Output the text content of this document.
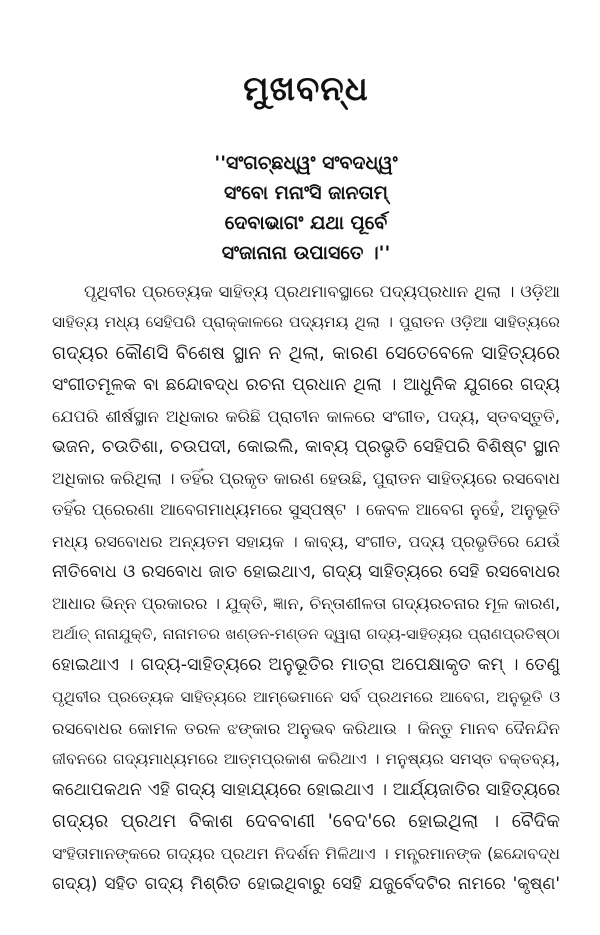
ମୁଖବନ୍ଧ
''ସଂଗଚ୍ଛଧ୍ୱଂ ସଂବଦଧ୍ୱଂ
ସଂବୋ ମନାଂସି ଜାନତାମ୍
ଦେବାଭାଗଂ ଯଥା ପୂର୍ବେ
ସଂଜାନାନା ଉପାସତେ ।''
ପୃଥିବୀର ପ୍ରତ୍ୟେକ ସାହିତ୍ୟ ପ୍ରଥମାବସ୍ଥାରେ ପଦ୍ୟପ୍ରଧାନ ଥିଲା । ଓଡ଼ିଆ
ସାହିତ୍ୟ ମଧ୍ୟ ସେହିପରି ପ୍ରାକ୍‌କାଳରେ ପଦ୍ୟମୟ ଥିଲା । ପୁରାତନ ଓଡ଼ିଆ ସାହିତ୍ୟରେ
ଗଦ୍ୟର କୌଣସି ବିଶେଷ ସ୍ଥାନ ନ ଥିଲା, କାରଣ ସେତେବେଳେ ସାହିତ୍ୟରେ
ସଂଗୀତମୂଳକ ବା ଛନ୍ଦୋବଦ୍ଧ ରଚନା ପ୍ରଧାନ ଥିଲା । ଆଧୁନିକ ଯୁଗରେ ଗଦ୍ୟ
ଯେପରି ଶୀର୍ଷସ୍ଥାନ ଅଧିକାର କରିଛି ପ୍ରାଚୀନ କାଳରେ ସଂଗୀତ, ପଦ୍ୟ, ସ୍ତବସ୍ତୁତି,
ଭଜନ, ଚଉତିଶା, ଚଉପଦୀ, କୋଇଲି, କାବ୍ୟ ପ୍ରଭୃତି ସେହିପରି ବିଶିଷ୍ଟ ସ୍ଥାନ
ଅଧିକାର କରିଥିଲା । ତହିଁର ପ୍ରକୃତ କାରଣ ହେଉଛି, ପୁରାତନ ସାହିତ୍ୟରେ ରସବୋଧ
ତହିଁର ପ୍ରେରଣା ଆବେଗମାଧ୍ୟମରେ ସୁସ୍ପଷ୍ଟ । କେବଳ ଆବେଗ ନୁହେଁ, ଅନୁଭୂତି
ମଧ୍ୟ ରସବୋଧର ଅନ୍ୟତମ ସହାୟକ । କାବ୍ୟ, ସଂଗୀତ, ପଦ୍ୟ ପ୍ରଭୃତିରେ ଯେଉଁ
ନୀତିବୋଧ ଓ ରସବୋଧ ଜାତ ହୋଇଥାଏ, ଗଦ୍ୟ ସାହିତ୍ୟରେ ସେହି ରସବୋଧର
ଆଧାର ଭିନ୍ନ ପ୍ରକାରର । ଯୁକ୍ତି, ଜ୍ଞାନ, ଚିନ୍ତାଶୀଳତା ଗଦ୍ୟରଚନାର ମୂଳ କାରଣ,
ଅର୍ଥାତ୍ ନାନାଯୁକ୍ତି, ନାନାମତର ଖଣ୍ଡନ-ମଣ୍ଡନ ଦ୍ୱାରା ଗଦ୍ୟ-ସାହିତ୍ୟର ପ୍ରାଣପ୍ରତିଷ୍ଠା
ହୋଇଥାଏ । ଗଦ୍ୟ-ସାହିତ୍ୟରେ ଅନୁଭୂତିର ମାତ୍ରା ଅପେକ୍ଷାକୃତ କମ୍ । ତେଣୁ
ପୃଥିବୀର ପ୍ରତ୍ୟେକ ସାହିତ୍ୟରେ ଆମ୍ଭେମାନେ ସର୍ବ ପ୍ରଥମରେ ଆବେଗ, ଅନୁଭୂତି ଓ
ରସବୋଧର କୋମଳ ତରଳ ଝଙ୍କାର ଅନୁଭବ କରିଥାଉ । କିନ୍ତୁ ମାନବ ଦୈନନ୍ଦିନ
ଜୀବନରେ ଗଦ୍ୟମାଧ୍ୟମରେ ଆତ୍ମପ୍ରକାଶ କରିଥାଏ । ମନୁଷ୍ୟର ସମସ୍ତ ବକ୍ତବ୍ୟ,
କଥୋପକଥନ ଏହି ଗଦ୍ୟ ସାହାଯ୍ୟରେ ହୋଇଥାଏ । ଆର୍ଯ୍ୟଜାତିର ସାହିତ୍ୟରେ
ଗଦ୍ୟର ପ୍ରଥମ ବିକାଶ ଦେବବାଣୀ 'ବେଦ'ରେ ହୋଇଥିଲା । ବୈଦିକ
ସଂହିତାମାନଙ୍କରେ ଗଦ୍ୟର ପ୍ରଥମ ନିଦର୍ଶନ ମିଳିଥାଏ । ମନ୍ତ୍ରମାନଙ୍କ (ଛନ୍ଦୋବଦ୍ଧ
ଗଦ୍ୟ) ସହିତ ଗଦ୍ୟ ମିଶ୍ରିତ ହୋଇଥିବାରୁ ସେହି ଯଜୁର୍ବେଦଟିର ନାମରେ 'କୃଷ୍ଣ'
